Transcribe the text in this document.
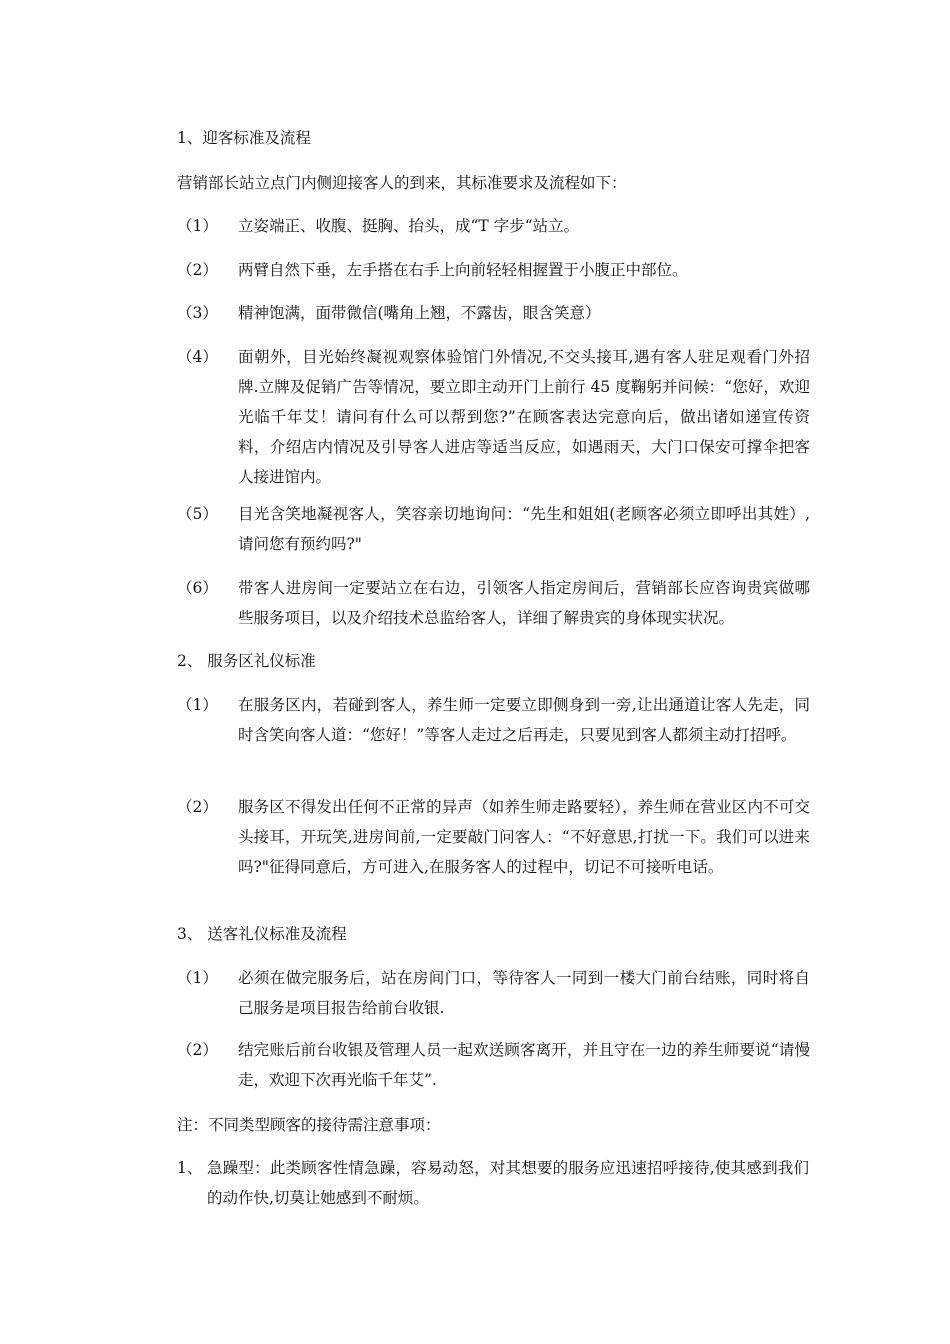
1、迎客标准及流程
营销部长站立点门内侧迎接客人的到来，其标准要求及流程如下：
（1）	立姿端正、收腹、挺胸、抬头，成“T 字步“站立。
（2）	两臂自然下垂，左手搭在右手上向前轻轻相握置于小腹正中部位。
（3）	精神饱满，面带微信(嘴角上翘，不露齿，眼含笑意）
（4）	面朝外，目光始终凝视观察体验馆门外情况,不交头接耳,遇有客人驻足观看门外招牌.立牌及促销广告等情况，要立即主动开门上前行 45 度鞠躬并问候：“您好，欢迎光临千年艾！请问有什么可以帮到您?”在顾客表达完意向后，做出诸如递宣传资料，介绍店内情况及引导客人进店等适当反应，如遇雨天，大门口保安可撑伞把客人接进馆内。
（5）	目光含笑地凝视客人，笑容亲切地询问：“先生和姐姐(老顾客必须立即呼出其姓）,请问您有预约吗?"
（6）	带客人进房间一定要站立在右边，引领客人指定房间后，营销部长应咨询贵宾做哪些服务项目，以及介绍技术总监给客人，详细了解贵宾的身体现实状况。
2、 服务区礼仪标准
（1）	在服务区内，若碰到客人，养生师一定要立即侧身到一旁,让出通道让客人先走，同时含笑向客人道：“您好！”等客人走过之后再走，只要见到客人都须主动打招呼。
（2）	服务区不得发出任何不正常的异声（如养生师走路要轻），养生师在营业区内不可交头接耳，开玩笑,进房间前,一定要敲门问客人：“不好意思,打扰一下。我们可以进来吗?"征得同意后，方可进入,在服务客人的过程中，切记不可接听电话。
3、 送客礼仪标准及流程
（1）	必须在做完服务后，站在房间门口，等待客人一同到一楼大门前台结账，同时将自己服务是项目报告给前台收银.
（2）	结完账后前台收银及管理人员一起欢送顾客离开，并且守在一边的养生师要说“请慢走，欢迎下次再光临千年艾”.
注：不同类型顾客的接待需注意事项：
1、 急躁型：此类顾客性情急躁，容易动怒，对其想要的服务应迅速招呼接待,使其感到我们的动作快,切莫让她感到不耐烦。
